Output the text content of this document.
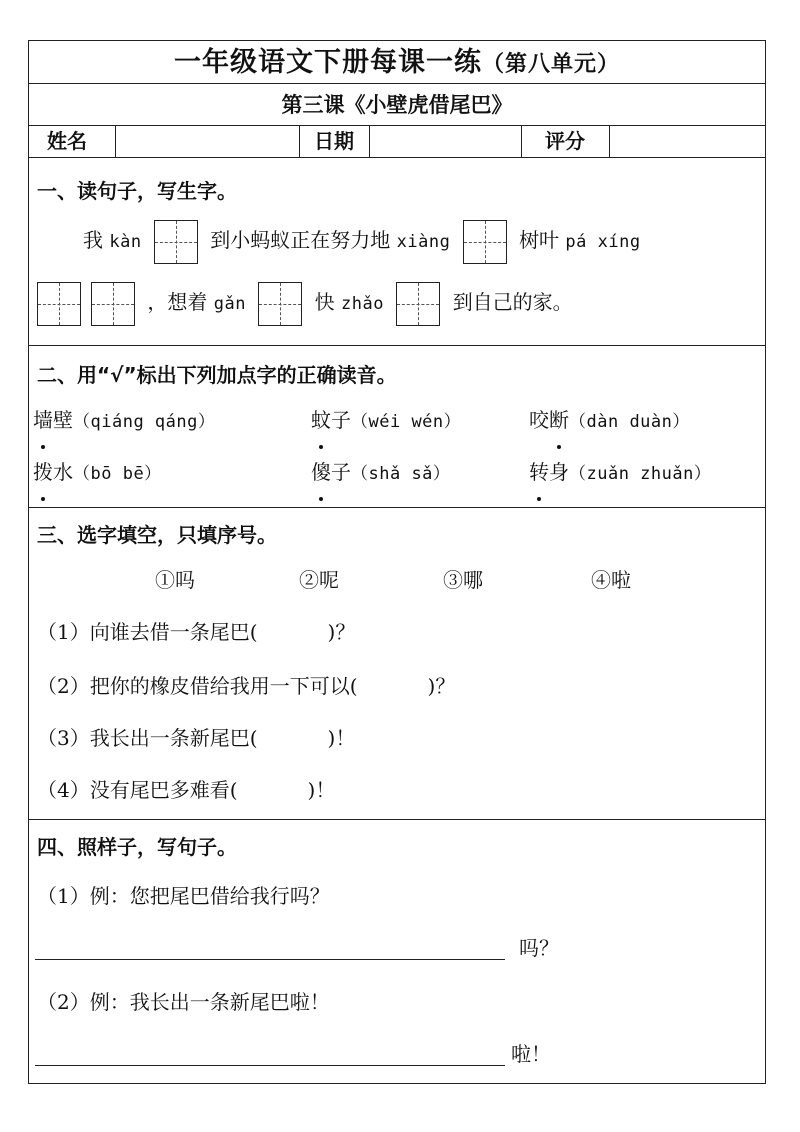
一年级语文下册每课一练（第八单元）
第三课《小壁虎借尾巴》
姓名	日期	评分
一、读句子，写生字。
我 kàn	到小蚂蚁正在努力地 xiàng	树叶 pá xíng
，想着 gǎn	快 zhǎo	到自己的家。
二、用“√”标出下列加点字的正确读音。
墙壁（qiáng qáng）	蚊子（wéi wén）	咬断（dàn duàn）
拨水（bō bē）	傻子（shǎ sǎ）	转身（zuǎn zhuǎn）
三、选字填空，只填序号。
①吗	②呢	③哪	④啦
（1）向谁去借一条尾巴(	)？
（2）把你的橡皮借给我用一下可以(	)？
（3）我长出一条新尾巴(	)！
（4）没有尾巴多难看(	)！
四、照样子，写句子。
（1）例：您把尾巴借给我行吗？
吗？
（2）例：我长出一条新尾巴啦！
啦！
